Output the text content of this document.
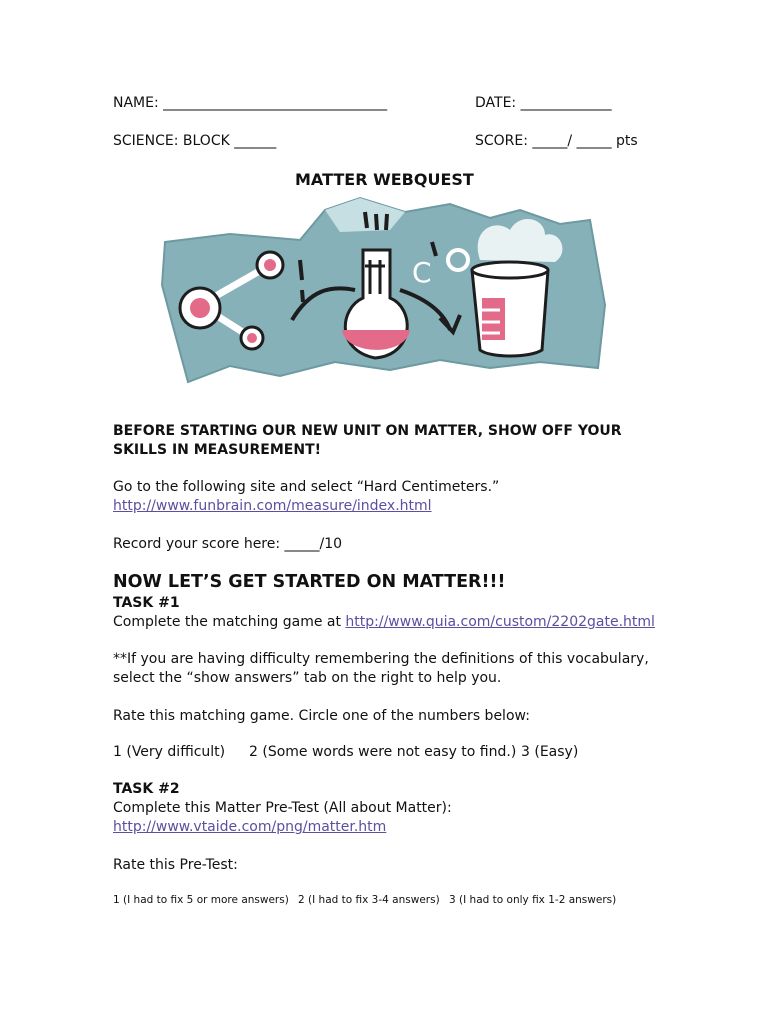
NAME: ________________________________	DATE: _____________
SCIENCE: BLOCK ______	SCORE: _____/ _____ pts
MATTER WEBQUEST
C
BEFORE STARTING OUR NEW UNIT ON MATTER, SHOW OFF YOUR
SKILLS IN MEASUREMENT!
Go to the following site and select “Hard Centimeters.”
http://www.funbrain.com/measure/index.html
Record your score here: _____/10
NOW LET’S GET STARTED ON MATTER!!!
TASK #1
Complete the matching game at http://www.quia.com/custom/2202gate.html
**If you are having difficulty remembering the definitions of this vocabulary,
select the “show answers” tab on the right to help you.
Rate this matching game. Circle one of the numbers below:
1 (Very difficult) 2 (Some words were not easy to find.) 3 (Easy)
TASK #2
Complete this Matter Pre-Test (All about Matter):
http://www.vtaide.com/png/matter.htm
Rate this Pre-Test:
1 (I had to fix 5 or more answers) 2 (I had to fix 3-4 answers) 3 (I had to only fix 1-2 answers)
